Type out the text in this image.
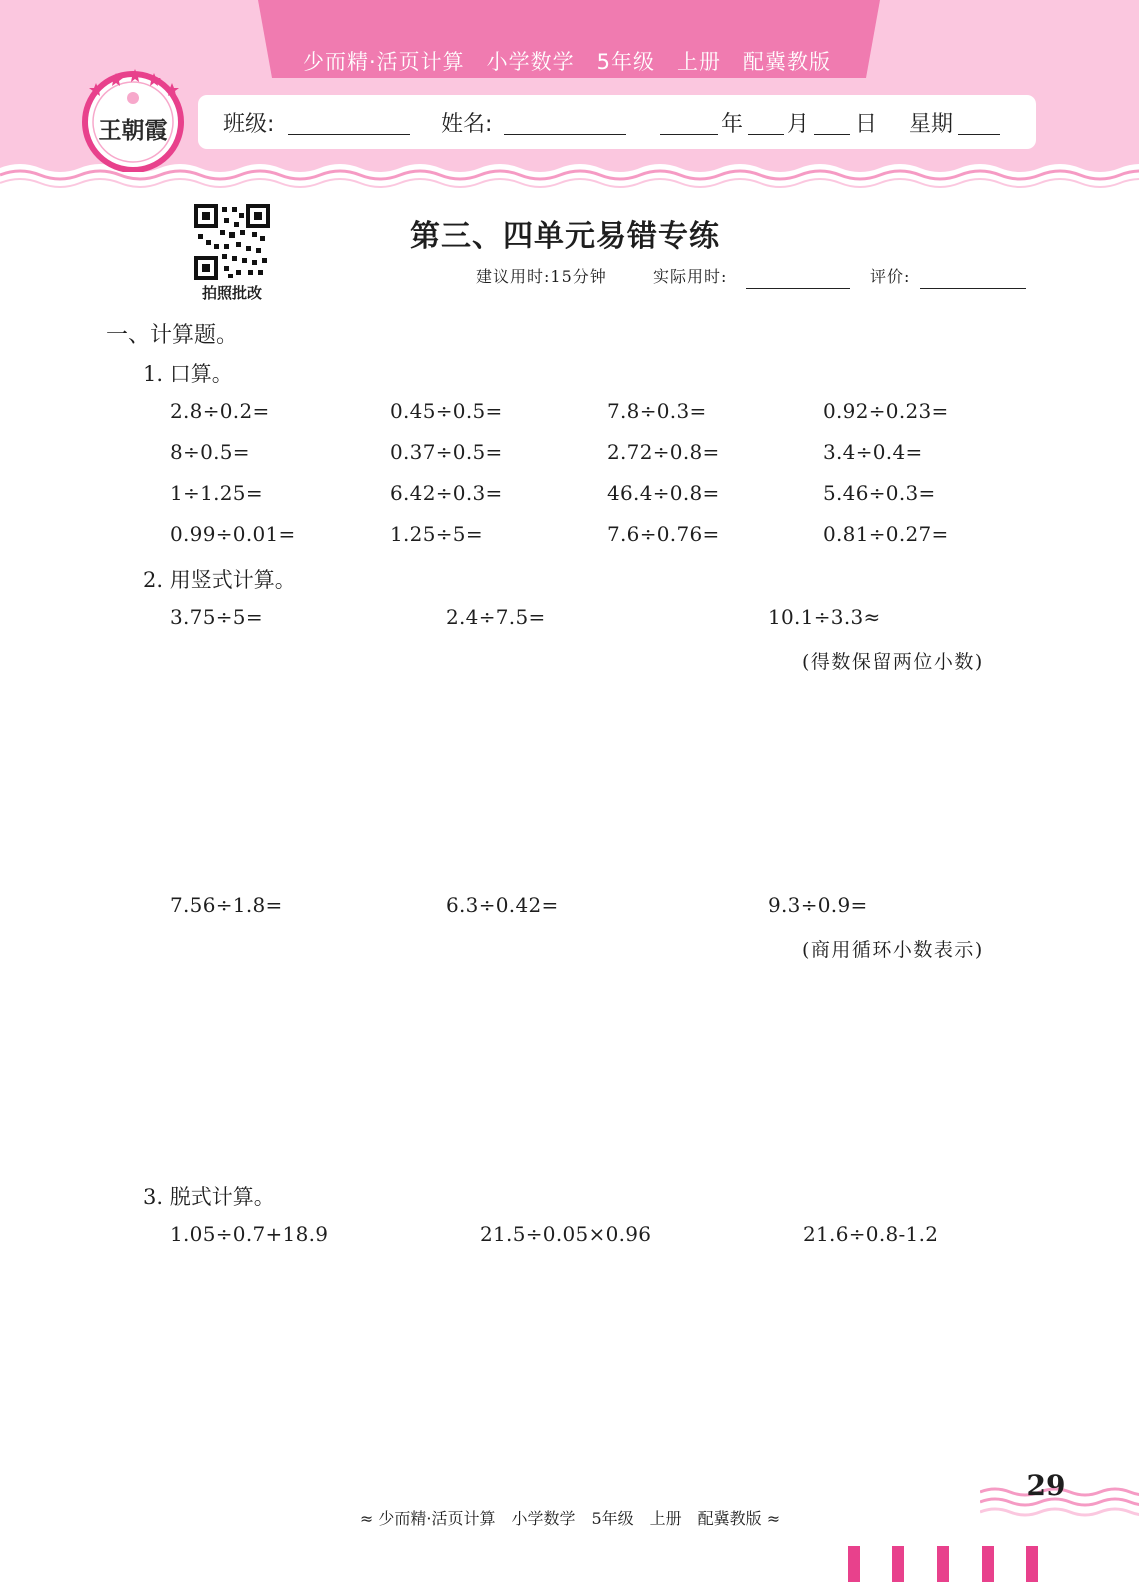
少而精·活页计算　小学数学　5年级　上册　配冀教版
班级:	姓名:	年 月 日 星期
王朝霞
拍照批改
第三、四单元易错专练
建议用时:15分钟	实际用时:	评价:
一、计算题。
1. 口算。
2.8÷0.2=	0.45÷0.5=	7.8÷0.3=	0.92÷0.23=
8÷0.5=	0.37÷0.5=	2.72÷0.8=	3.4÷0.4=
1÷1.25=	6.42÷0.3=	46.4÷0.8=	5.46÷0.3=
0.99÷0.01=	1.25÷5=	7.6÷0.76=	0.81÷0.27=
2. 用竖式计算。
3.75÷5=	2.4÷7.5=	10.1÷3.3≈
(得数保留两位小数)
7.56÷1.8=	6.3÷0.42=	9.3÷0.9=
(商用循环小数表示)
3. 脱式计算。
1.05÷0.7+18.9	21.5÷0.05×0.96	21.6÷0.8-1.2
≈ 少而精·活页计算　小学数学　5年级　上册　配冀教版 ≈
29
